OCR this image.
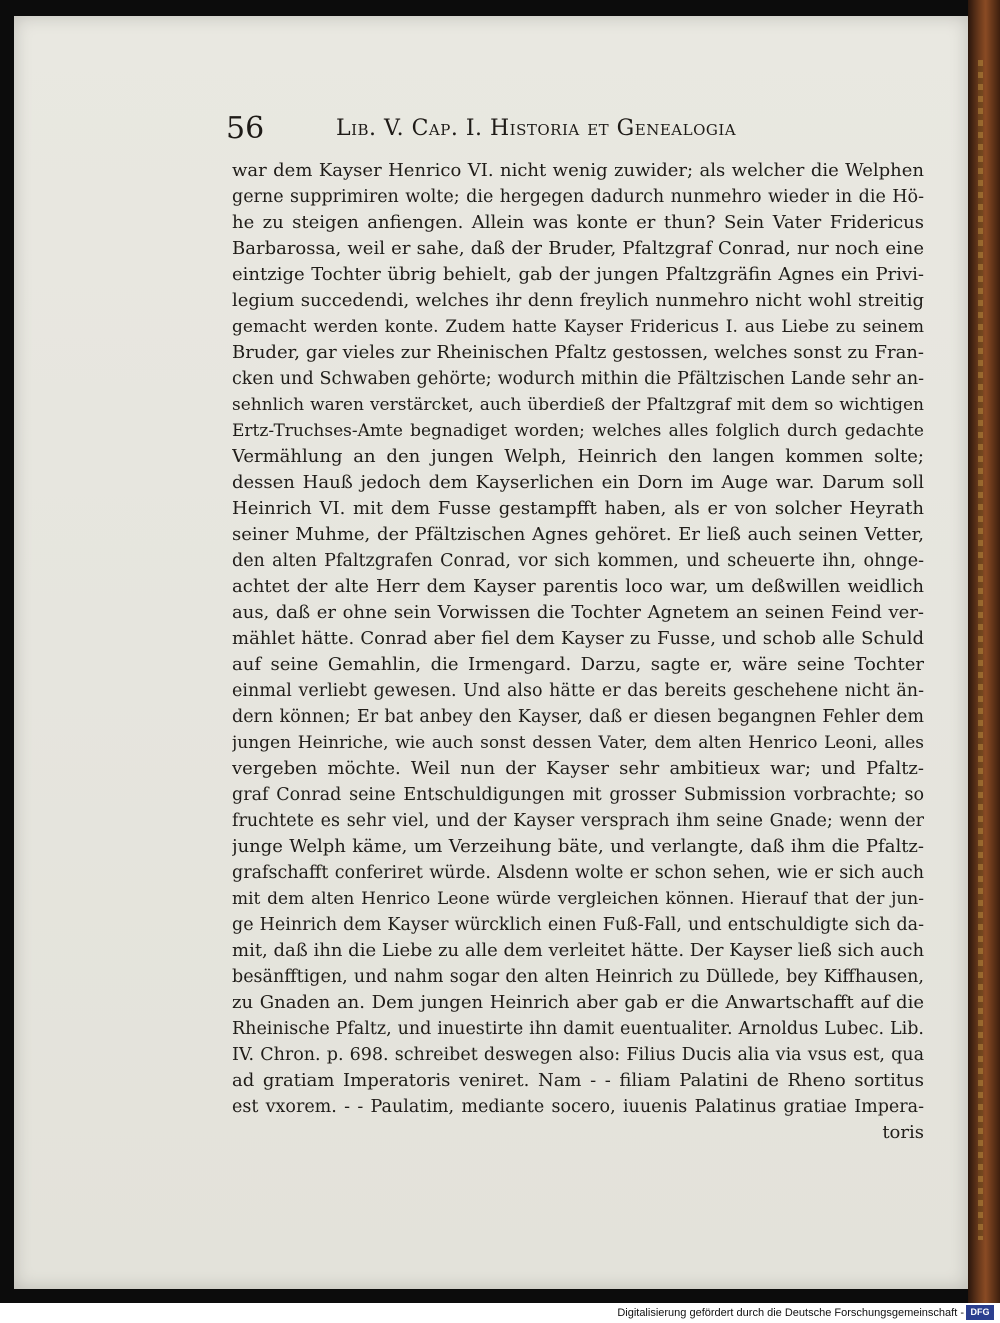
56	Lib. V. Cap. I. Historia et Genealogia
war dem Kayser Henrico VI. nicht wenig zuwider; als welcher die Welphen
gerne supprimiren wolte; die hergegen dadurch nunmehro wieder in die Hö-
he zu steigen anfiengen. Allein was konte er thun? Sein Vater Fridericus
Barbarossa, weil er sahe, daß der Bruder, Pfaltzgraf Conrad, nur noch eine
eintzige Tochter übrig behielt, gab der jungen Pfaltzgräfin Agnes ein Privi-
legium succedendi, welches ihr denn freylich nunmehro nicht wohl streitig
gemacht werden konte. Zudem hatte Kayser Fridericus I. aus Liebe zu seinem
Bruder, gar vieles zur Rheinischen Pfaltz gestossen, welches sonst zu Fran-
cken und Schwaben gehörte; wodurch mithin die Pfältzischen Lande sehr an-
sehnlich waren verstärcket, auch überdieß der Pfaltzgraf mit dem so wichtigen
Ertz-Truchses-Amte begnadiget worden; welches alles folglich durch gedachte
Vermählung an den jungen Welph, Heinrich den langen kommen solte;
dessen Hauß jedoch dem Kayserlichen ein Dorn im Auge war. Darum soll
Heinrich VI. mit dem Fusse gestampfft haben, als er von solcher Heyrath
seiner Muhme, der Pfältzischen Agnes gehöret. Er ließ auch seinen Vetter,
den alten Pfaltzgrafen Conrad, vor sich kommen, und scheuerte ihn, ohnge-
achtet der alte Herr dem Kayser parentis loco war, um deßwillen weidlich
aus, daß er ohne sein Vorwissen die Tochter Agnetem an seinen Feind ver-
mählet hätte. Conrad aber fiel dem Kayser zu Fusse, und schob alle Schuld
auf seine Gemahlin, die Irmengard. Darzu, sagte er, wäre seine Tochter
einmal verliebt gewesen. Und also hätte er das bereits geschehene nicht än-
dern können; Er bat anbey den Kayser, daß er diesen begangnen Fehler dem
jungen Heinriche, wie auch sonst dessen Vater, dem alten Henrico Leoni, alles
vergeben möchte. Weil nun der Kayser sehr ambitieux war; und Pfaltz-
graf Conrad seine Entschuldigungen mit grosser Submission vorbrachte; so
fruchtete es sehr viel, und der Kayser versprach ihm seine Gnade; wenn der
junge Welph käme, um Verzeihung bäte, und verlangte, daß ihm die Pfaltz-
grafschafft conferiret würde. Alsdenn wolte er schon sehen, wie er sich auch
mit dem alten Henrico Leone würde vergleichen können. Hierauf that der jun-
ge Heinrich dem Kayser würcklich einen Fuß-Fall, und entschuldigte sich da-
mit, daß ihn die Liebe zu alle dem verleitet hätte. Der Kayser ließ sich auch
besänfftigen, und nahm sogar den alten Heinrich zu Düllede, bey Kiffhausen,
zu Gnaden an. Dem jungen Heinrich aber gab er die Anwartschafft auf die
Rheinische Pfaltz, und inuestirte ihn damit euentualiter. Arnoldus Lubec. Lib.
IV. Chron. p. 698. schreibet deswegen also: Filius Ducis alia via vsus est, qua
ad gratiam Imperatoris veniret. Nam - - filiam Palatini de Rheno sortitus
est vxorem. - - Paulatim, mediante socero, iuuenis Palatinus gratiae Impera-
toris
Digitalisierung gefördert durch die Deutsche Forschungsgemeinschaft - DFG
